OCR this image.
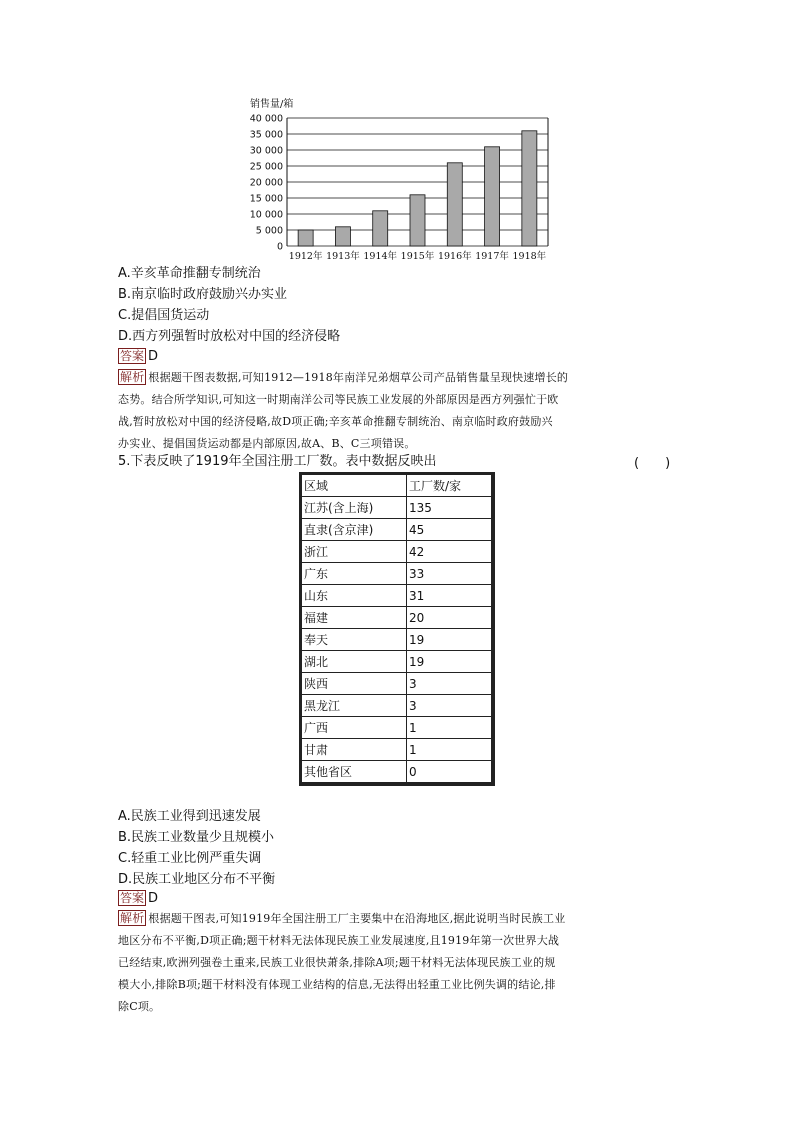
销售量/箱
0
5 000
10 000
15 000
20 000
25 000
30 000
35 000
40 000
1912年 1913年 1914年 1915年 1916年 1917年 1918年
A.辛亥革命推翻专制统治
B.南京临时政府鼓励兴办实业
C.提倡国货运动
D.西方列强暂时放松对中国的经济侵略
答案 D
解析 根据题干图表数据,可知1912—1918年南洋兄弟烟草公司产品销售量呈现快速增长的
态势。结合所学知识,可知这一时期南洋公司等民族工业发展的外部原因是西方列强忙于欧
战,暂时放松对中国的经济侵略,故D项正确;辛亥革命推翻专制统治、南京临时政府鼓励兴
办实业、提倡国货运动都是内部原因,故A、B、C三项错误。
5.下表反映了1919年全国注册工厂数。表中数据反映出	(　　)
区域	工厂数/家
江苏(含上海)	135
直隶(含京津)	45
浙江	42
广东	33
山东	31
福建	20
奉天	19
湖北	19
陕西	3
黑龙江	3
广西	1
甘肃	1
其他省区	0
A.民族工业得到迅速发展
B.民族工业数量少且规模小
C.轻重工业比例严重失调
D.民族工业地区分布不平衡
答案 D
解析 根据题干图表,可知1919年全国注册工厂主要集中在沿海地区,据此说明当时民族工业
地区分布不平衡,D项正确;题干材料无法体现民族工业发展速度,且1919年第一次世界大战
已经结束,欧洲列强卷土重来,民族工业很快萧条,排除A项;题干材料无法体现民族工业的规
模大小,排除B项;题干材料没有体现工业结构的信息,无法得出轻重工业比例失调的结论,排
除C项。
